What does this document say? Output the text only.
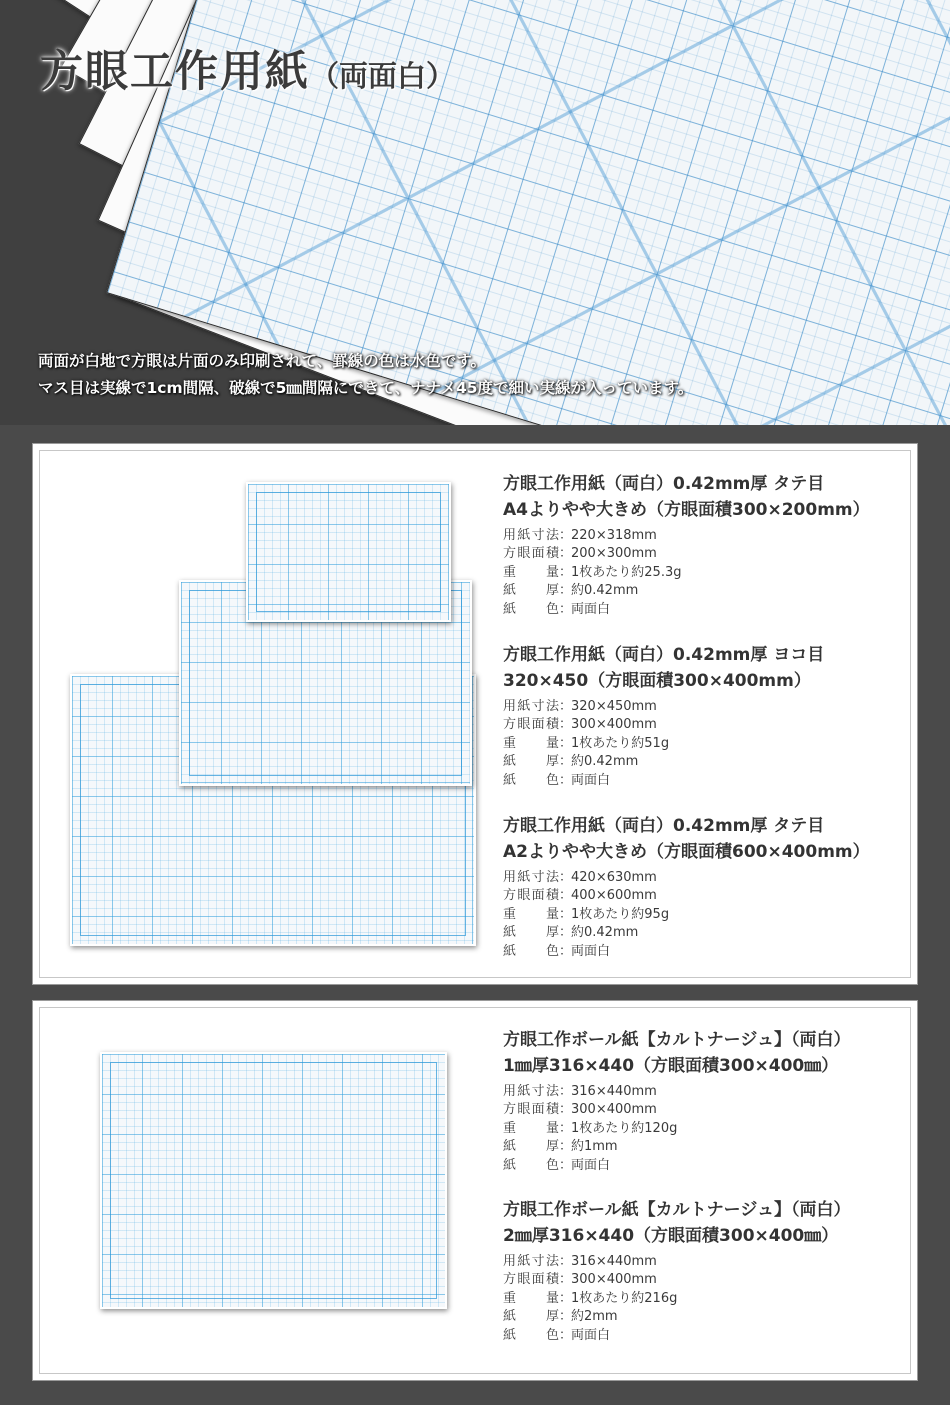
方眼工作用紙（両面白）
両面が白地で方眼は片面のみ印刷されて、罫線の色は水色です。
マス目は実線で1cm間隔、破線で5㎜間隔にできて、ナナメ45度で細い実線が入っています。
方眼工作用紙（両白）0.42mm厚 タテ目
A4よりやや大きめ（方眼面積300×200mm）
用紙寸法 ：
220×318mm
方眼面積 ：
200×300mm
重　量 ：
1枚あたり約25.3g
紙　厚 ：
約0.42mm
紙　色 ：
両面白
方眼工作用紙（両白）0.42mm厚 ヨコ目
320×450（方眼面積300×400mm）
用紙寸法 ：
320×450mm
方眼面積 ：
300×400mm
重　量 ：
1枚あたり約51g
紙　厚 ：
約0.42mm
紙　色 ：
両面白
方眼工作用紙（両白）0.42mm厚 タテ目
A2よりやや大きめ（方眼面積600×400mm）
用紙寸法 ：
420×630mm
方眼面積 ：
400×600mm
重　量 ：
1枚あたり約95g
紙　厚 ：
約0.42mm
紙　色 ：
両面白
方眼工作ボール紙【カルトナージュ】（両白）
1㎜厚316×440（方眼面積300×400㎜）
用紙寸法 ：
316×440mm
方眼面積 ：
300×400mm
重　量 ：
1枚あたり約120g
紙　厚 ：
約1mm
紙　色 ：
両面白
方眼工作ボール紙【カルトナージュ】（両白）
2㎜厚316×440（方眼面積300×400㎜）
用紙寸法 ：
316×440mm
方眼面積 ：
300×400mm
重　量 ：
1枚あたり約216g
紙　厚 ：
約2mm
紙　色 ：
両面白
